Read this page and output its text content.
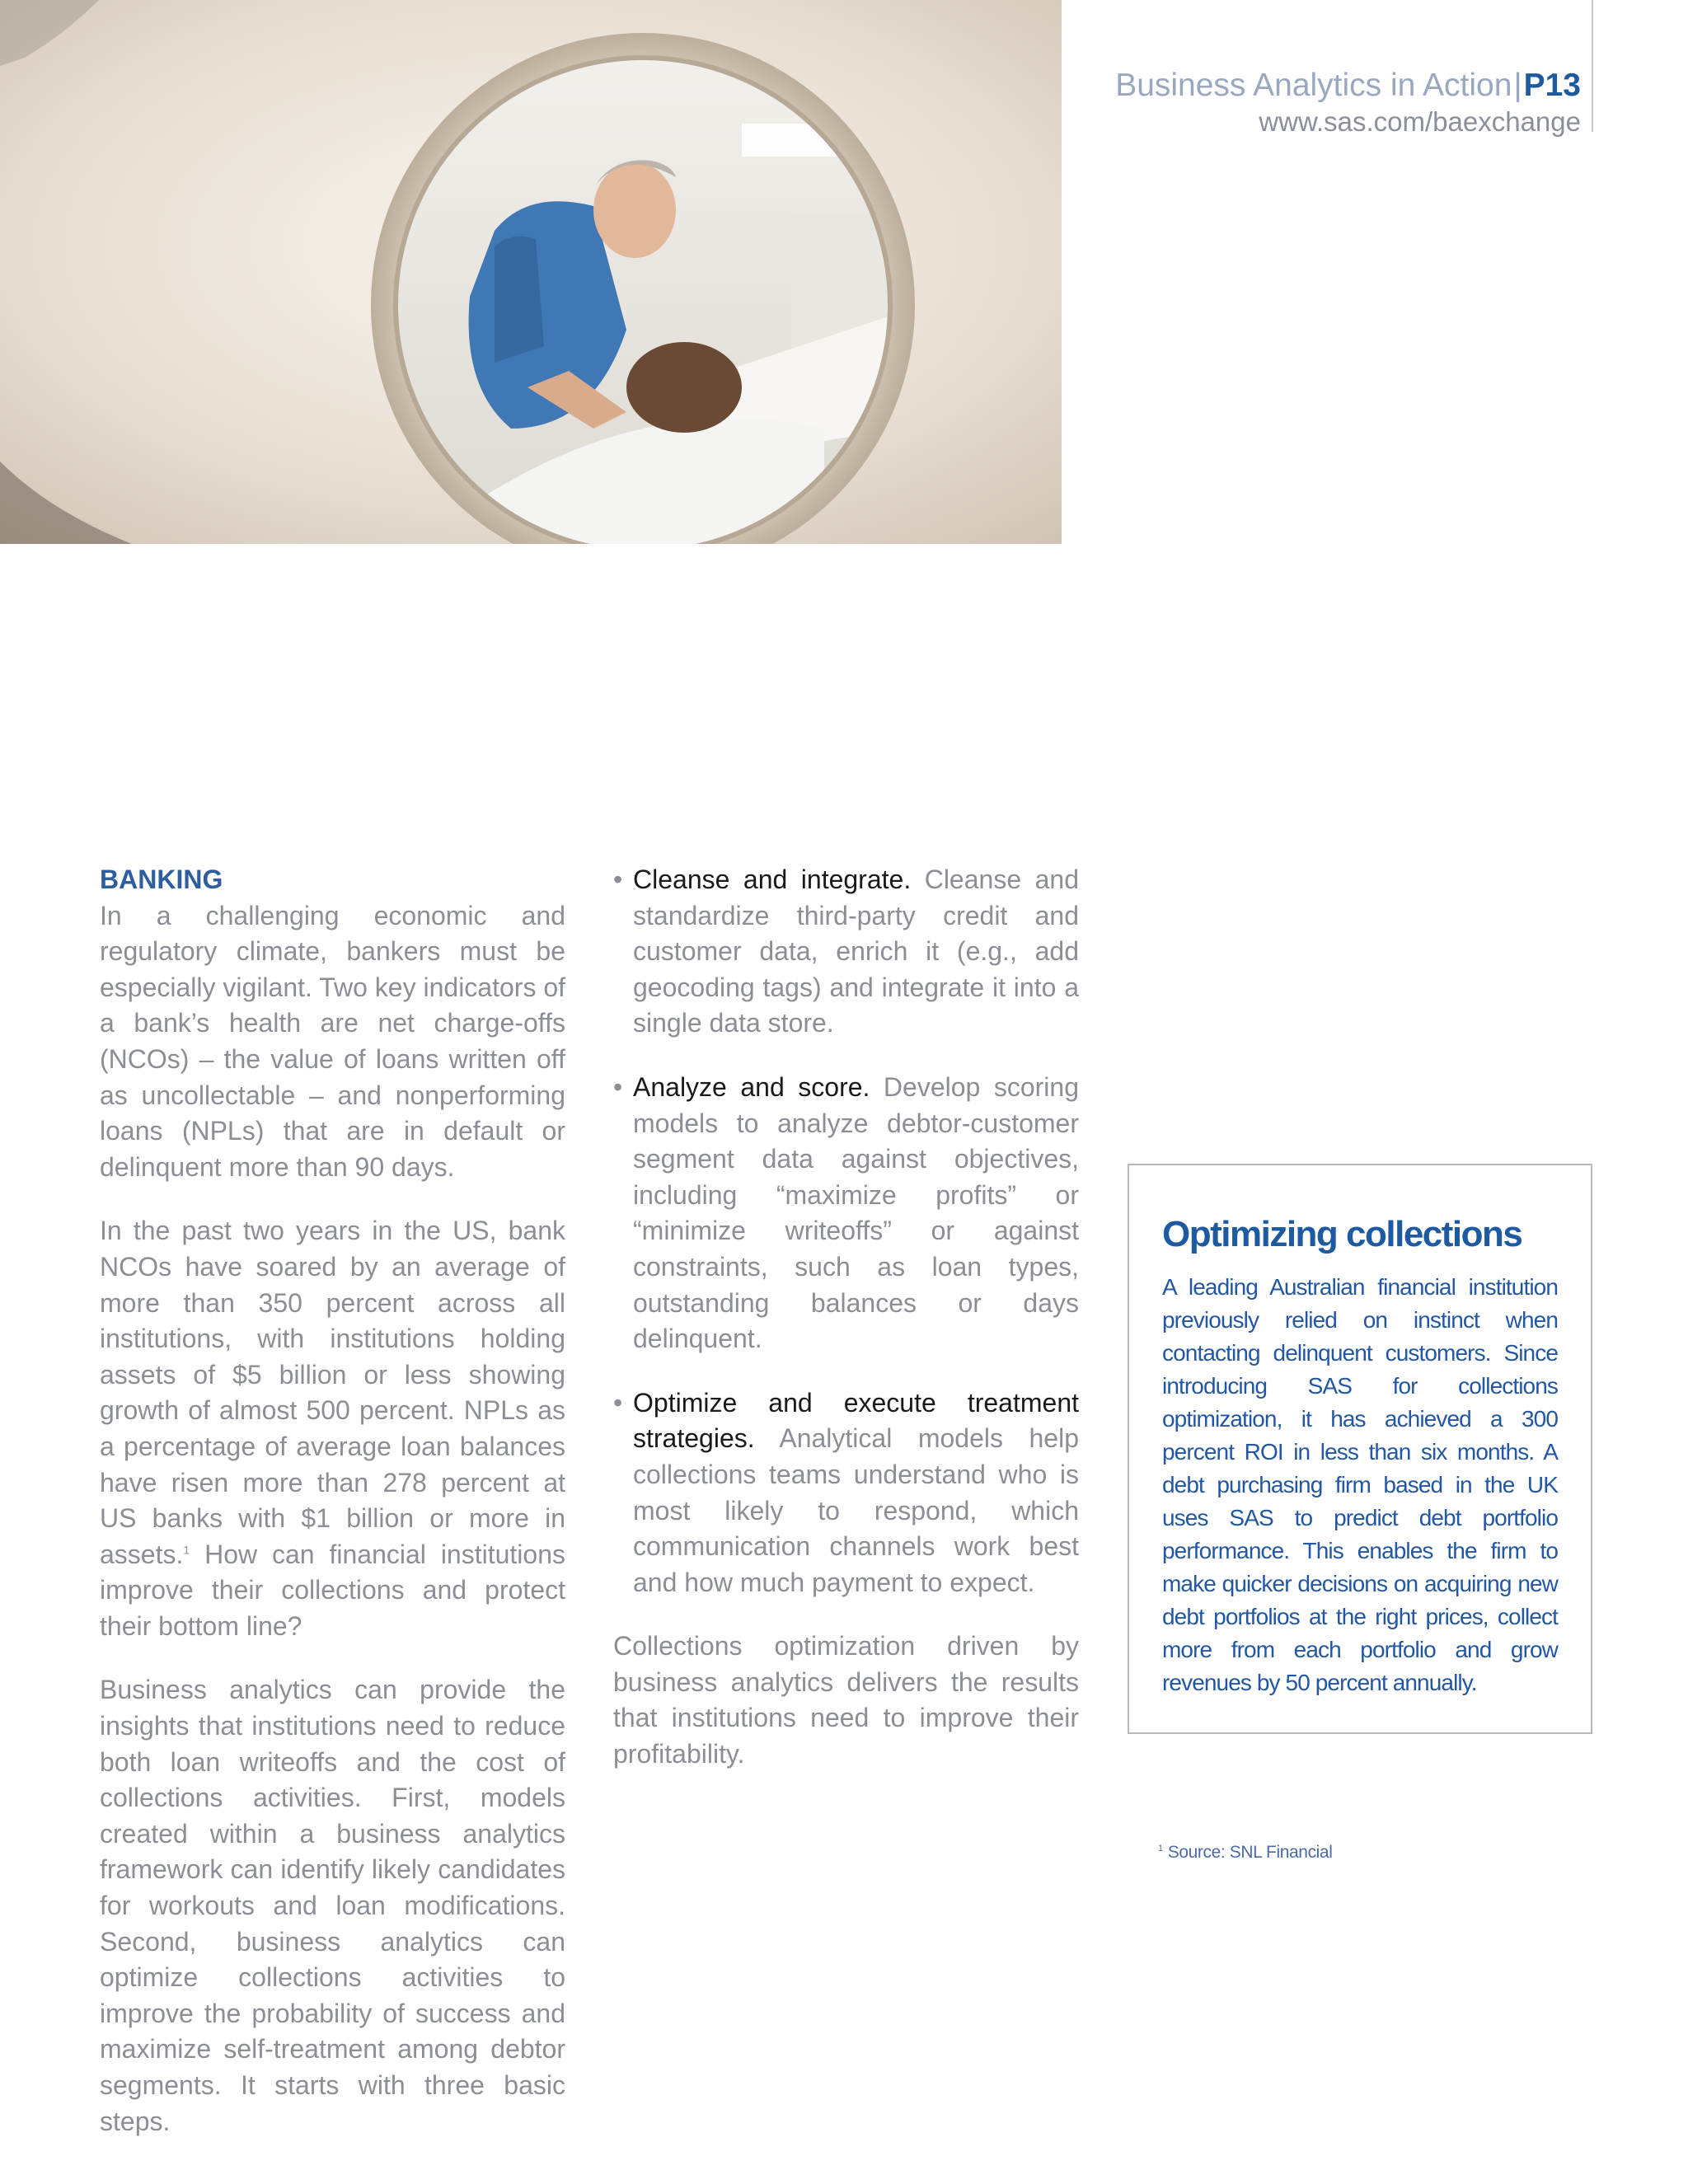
Business Analytics in Action|P13
www.sas.com/baexchange
BANKING

In a challenging economic and regulatory climate, bankers must be especially vigilant. Two key indicators of a bank’s health are net charge-offs (NCOs) – the value of loans written off as uncollectable – and nonperforming loans (NPLs) that are in default or delinquent more than 90 days.

In the past two years in the US, bank NCOs have soared by an average of more than 350 percent across all institutions, with institutions holding assets of $5 billion or less showing growth of almost 500 percent. NPLs as a percentage of average loan balances have risen more than 278 percent at US banks with $1 billion or more in assets.$^1$ How can financial institutions improve their collections and protect their bottom line?

Business analytics can provide the insights that institutions need to reduce both loan writeoffs and the cost of collections activities. First, models created within a business analytics framework can identify likely candidates for workouts and loan modifications. Second, business analytics can optimize collections activities to improve the probability of success and maximize self-treatment among debtor segments. It starts with three basic steps.

• Cleanse and integrate. Cleanse and standardize third-party credit and customer data, enrich it (e.g., add geocoding tags) and integrate it into a single data store.
• Analyze and score. Develop scoring models to analyze debtor-customer segment data against objectives, including “maximize profits” or “minimize writeoffs” or against constraints, such as loan types, outstanding balances or days delinquent.
• Optimize and execute treatment strategies. Analytical models help collections teams understand who is most likely to respond, which communication channels work best and how much payment to expect.

Collections optimization driven by business analytics delivers the results that institutions need to improve their profitability.

Optimizing collections

A leading Australian financial institution previously relied on instinct when contacting delinquent customers. Since introducing SAS for collections optimization, it has achieved a 300 percent ROI in less than six months. A debt purchasing firm based in the UK uses SAS to predict debt portfolio performance. This enables the firm to make quicker decisions on acquiring new debt portfolios at the right prices, collect more from each portfolio and grow revenues by 50 percent annually.

$^1$ Source: SNL Financial
